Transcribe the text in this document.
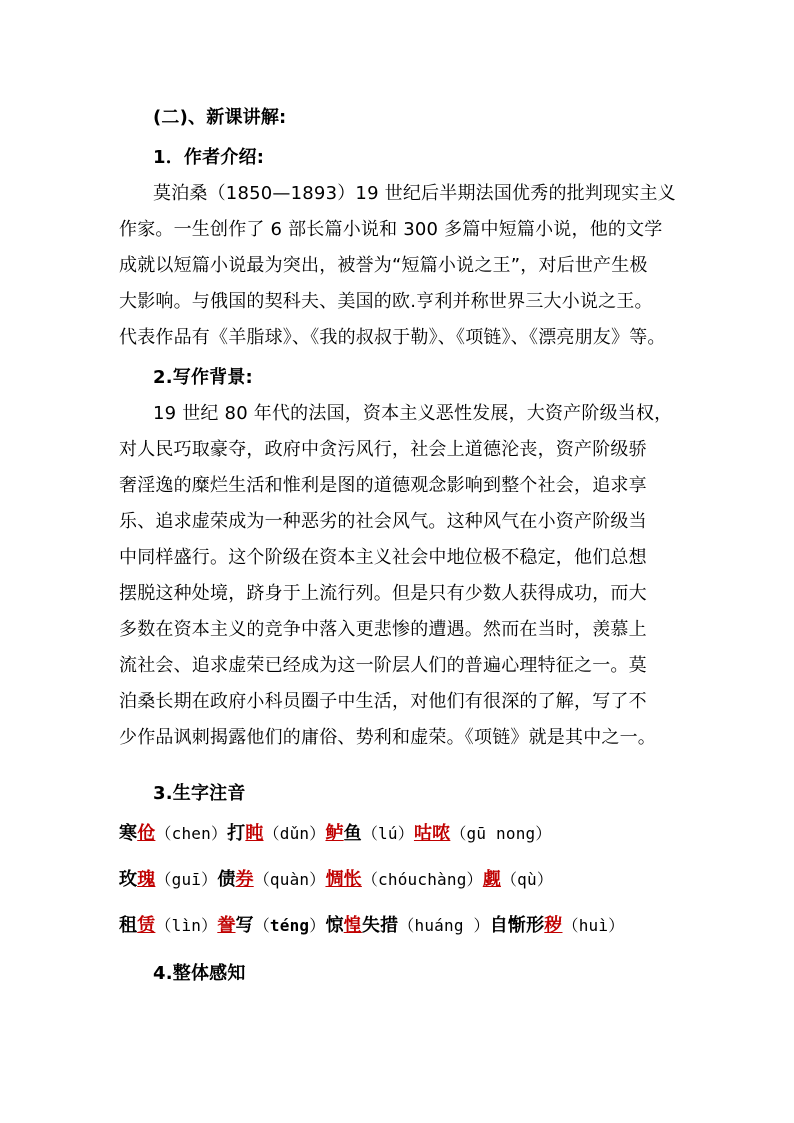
(二)、新课讲解:
1．作者介绍:
莫泊桑（1850—1893）19 世纪后半期法国优秀的批判现实主义
作家。一生创作了 6 部长篇小说和 300 多篇中短篇小说，他的文学
成就以短篇小说最为突出，被誉为“短篇小说之王”，对后世产生极
大影响。与俄国的契科夫、美国的欧.亨利并称世界三大小说之王。
代表作品有《羊脂球》、《我的叔叔于勒》、《项链》、《漂亮朋友》等。
2.写作背景:
19 世纪 80 年代的法国，资本主义恶性发展，大资产阶级当权，
对人民巧取豪夺，政府中贪污风行，社会上道德沦丧，资产阶级骄
奢淫逸的糜烂生活和惟利是图的道德观念影响到整个社会，追求享
乐、追求虚荣成为一种恶劣的社会风气。这种风气在小资产阶级当
中同样盛行。这个阶级在资本主义社会中地位极不稳定，他们总想
摆脱这种处境，跻身于上流行列。但是只有少数人获得成功，而大
多数在资本主义的竞争中落入更悲惨的遭遇。然而在当时，羡慕上
流社会、追求虚荣已经成为这一阶层人们的普遍心理特征之一。莫
泊桑长期在政府小科员圈子中生活，对他们有很深的了解，写了不
少作品讽刺揭露他们的庸俗、势利和虚荣。《项链》就是其中之一。
3.生字注音
寒伧（chen）打盹（dǔn）鲈鱼（lú）咕哝（gū nong）
玫瑰（guī）债券（quàn）惆怅（chóuchàng）觑（qù）
租赁（lìn）誊写（téng）惊惶失措（huáng ）自惭形秽（huì）
4.整体感知
